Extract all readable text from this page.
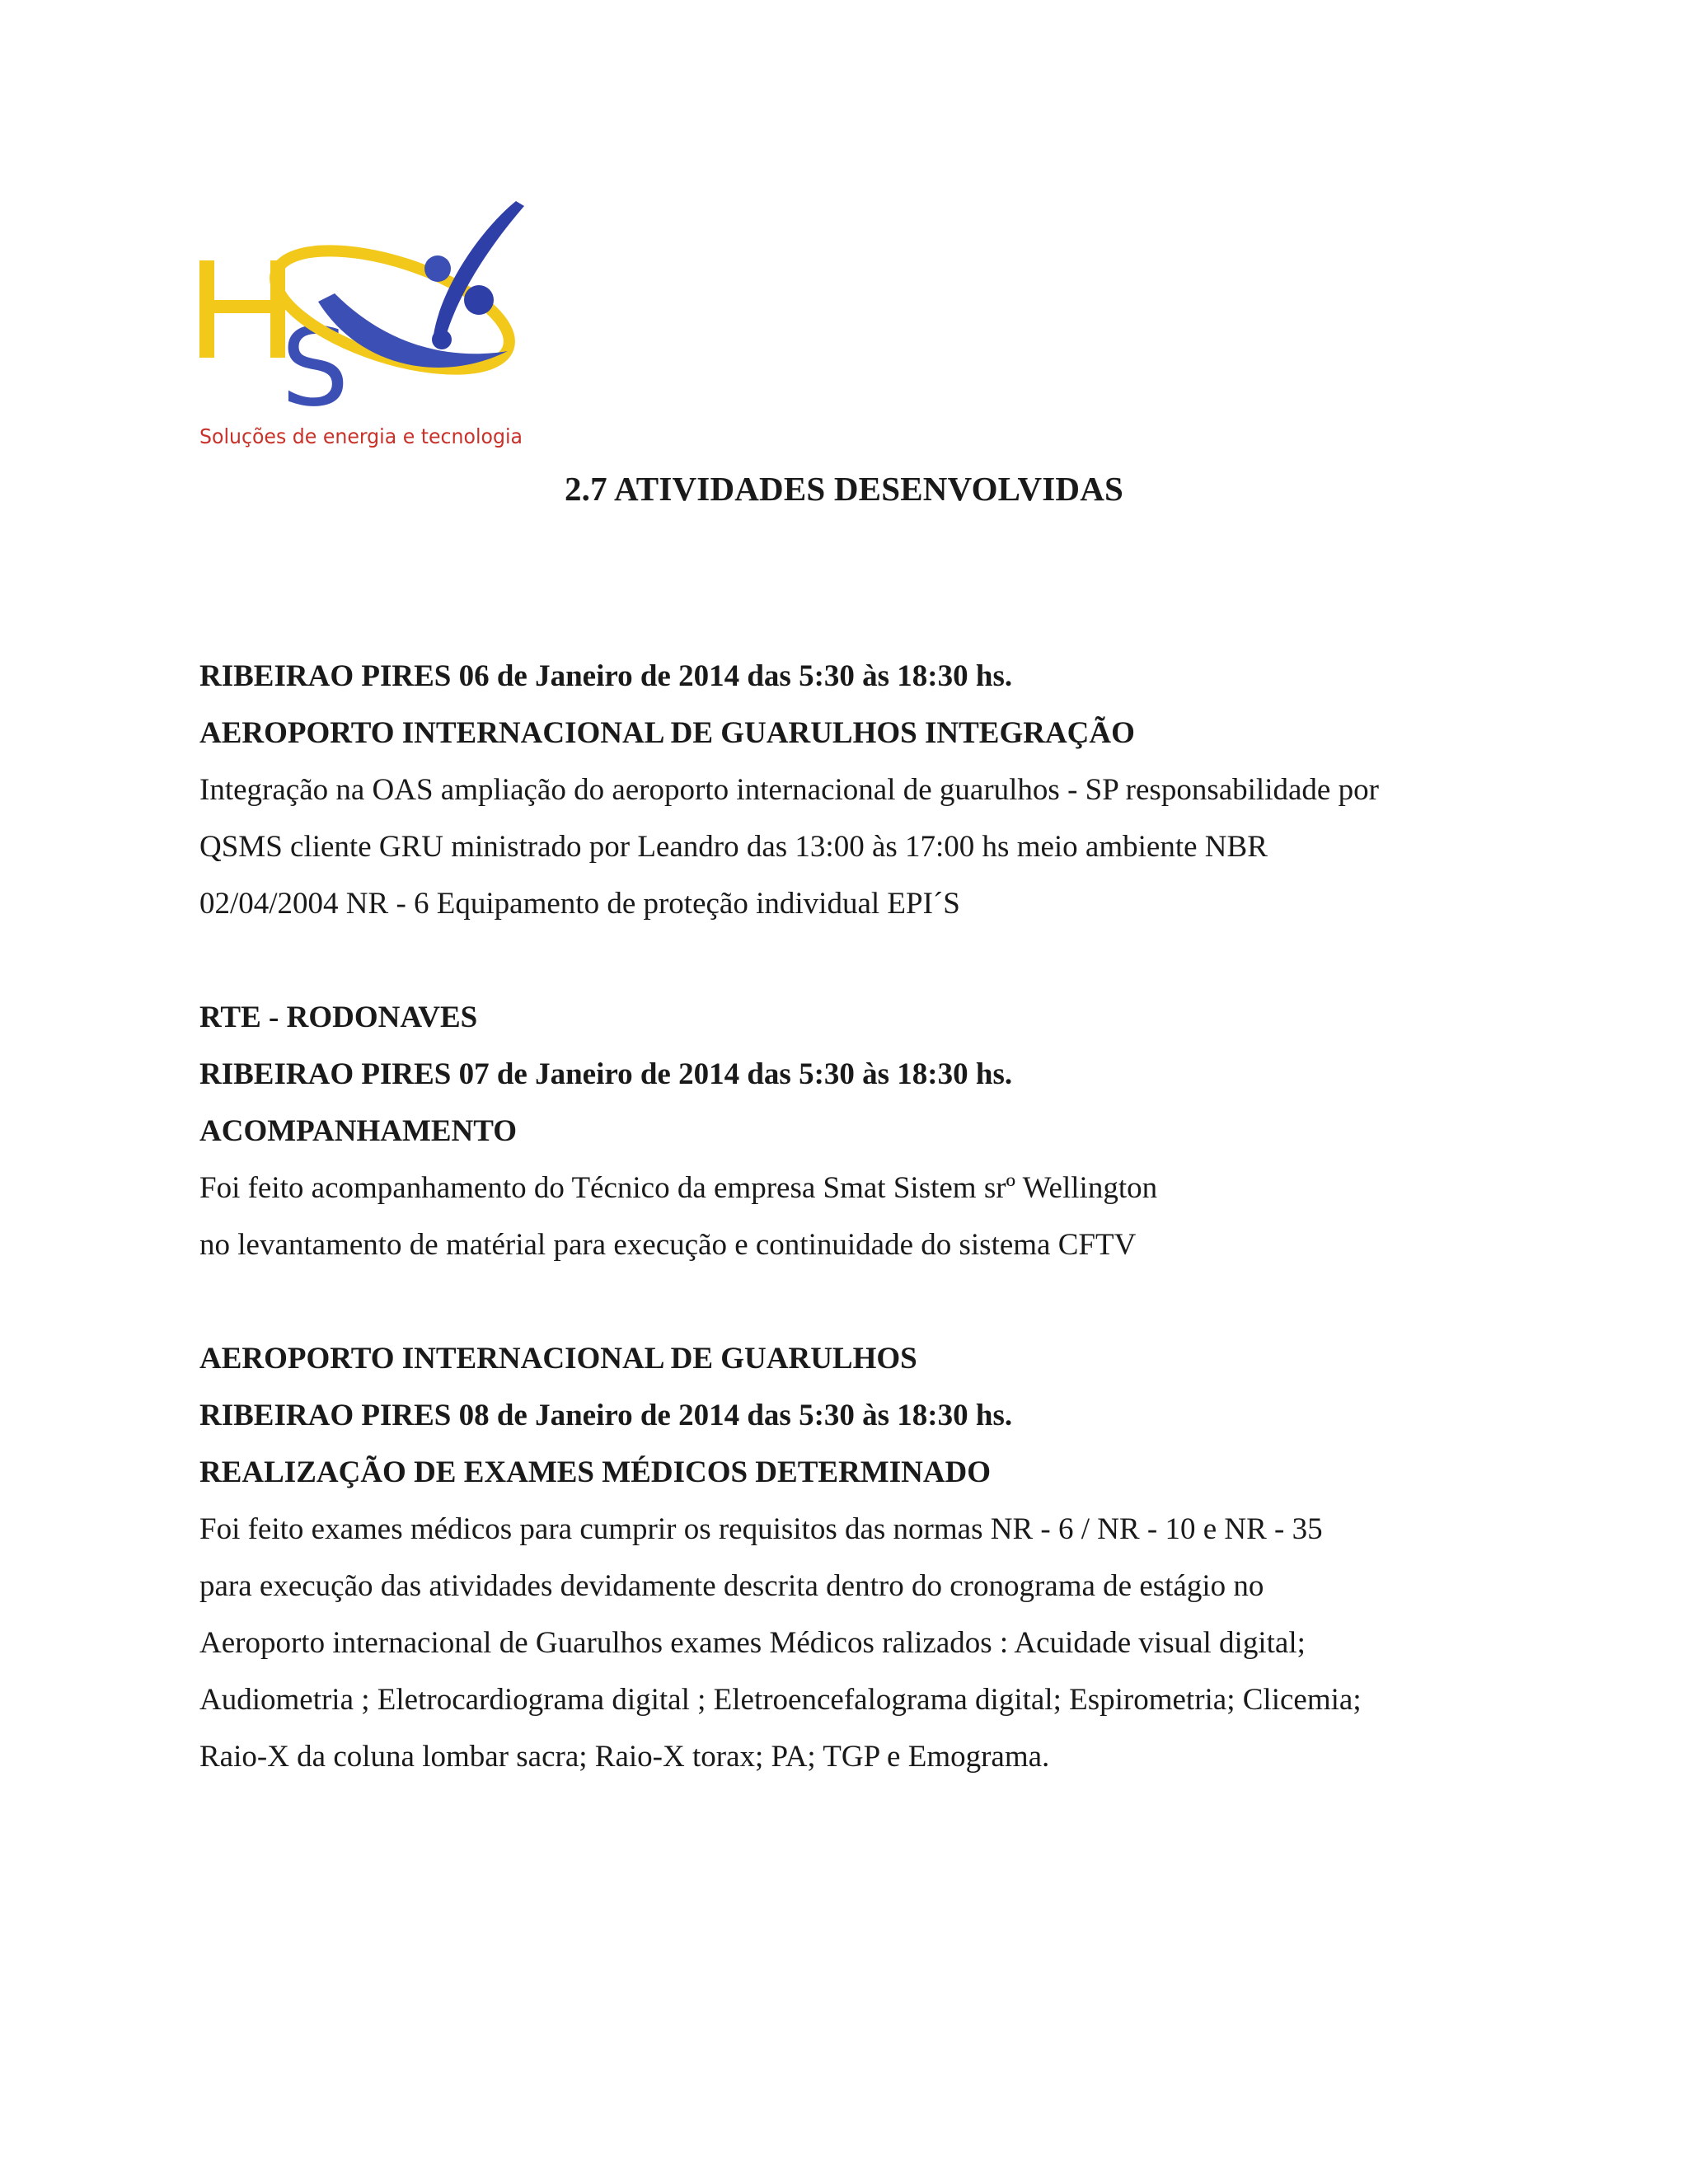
S
Soluções de energia e tecnologia
2.7 ATIVIDADES DESENVOLVIDAS
RIBEIRAO PIRES 06 de Janeiro de 2014 das 5:30 às 18:30 hs.
AEROPORTO INTERNACIONAL DE GUARULHOS INTEGRAÇÃO
Integração na OAS ampliação do aeroporto internacional de guarulhos - SP responsabilidade por
QSMS cliente GRU ministrado por Leandro das 13:00 às 17:00 hs meio ambiente NBR
02/04/2004 NR - 6 Equipamento de proteção individual EPI´S
RTE - RODONAVES
RIBEIRAO PIRES 07 de Janeiro de 2014 das 5:30 às 18:30 hs.
ACOMPANHAMENTO
Foi feito acompanhamento do Técnico da empresa Smat Sistem srº Wellington
no levantamento de matérial para execução e continuidade do sistema CFTV
AEROPORTO INTERNACIONAL DE GUARULHOS
RIBEIRAO PIRES 08 de Janeiro de 2014 das 5:30 às 18:30 hs.
REALIZAÇÃO DE EXAMES MÉDICOS DETERMINADO
Foi feito exames médicos para cumprir os requisitos das normas NR - 6 / NR - 10 e NR - 35
para execução das atividades devidamente descrita dentro do cronograma de estágio no
Aeroporto internacional de Guarulhos exames Médicos ralizados : Acuidade visual digital;
Audiometria ; Eletrocardiograma digital ; Eletroencefalograma digital; Espirometria; Clicemia;
Raio-X da coluna lombar sacra; Raio-X torax; PA; TGP e Emograma.
